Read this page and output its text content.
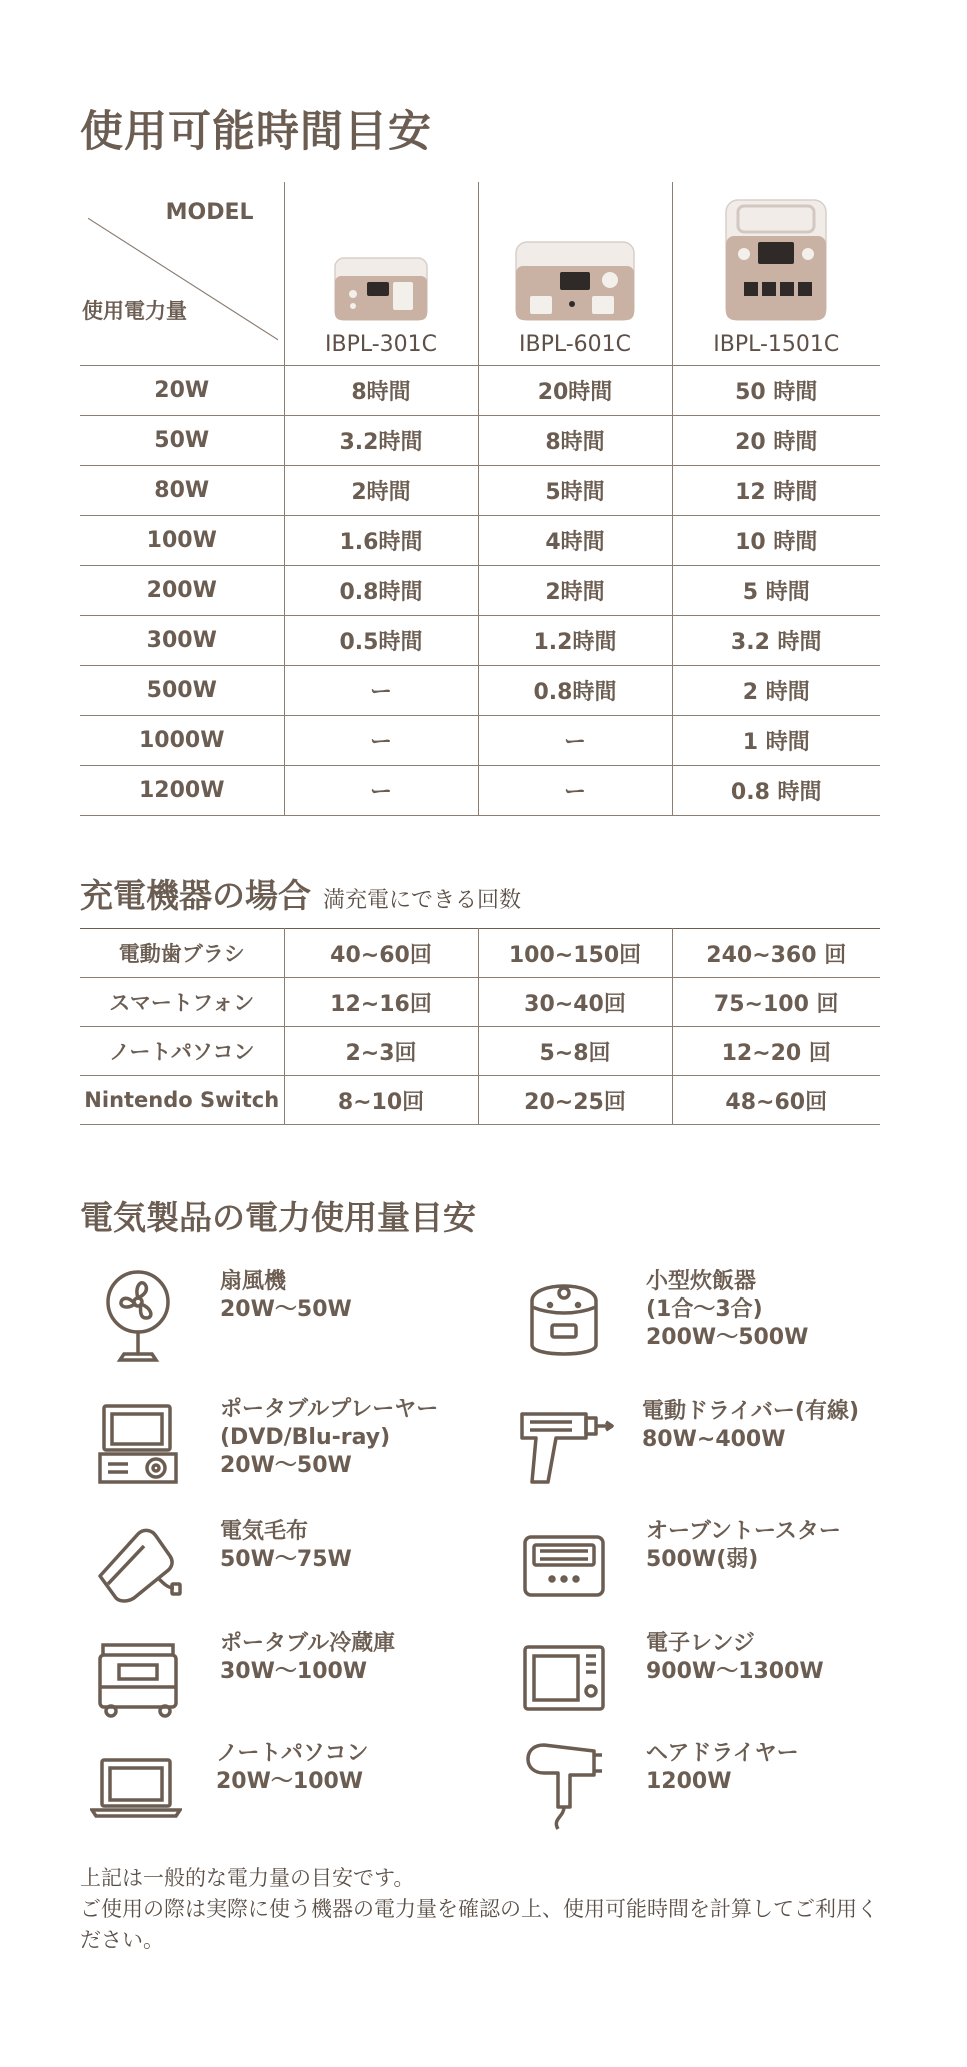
使用可能時間目安
MODEL
使用電力量	IBPL-301C	IBPL-601C	IBPL-1501C

20W	8時間	20時間	50 時間
50W	3.2時間	8時間	20 時間
80W	2時間	5時間	12 時間
100W	1.6時間	4時間	10 時間
200W	0.8時間	2時間	5 時間
300W	0.5時間	1.2時間	3.2 時間
500W	ー	0.8時間	2 時間
1000W	ー	ー	1 時間
1200W	ー	ー	0.8 時間
充電機器の場合 満充電にできる回数
電動歯ブラシ	40~60回	100~150回	240~360 回
スマートフォン	12~16回	30~40回	75~100 回
ノートパソコン	2~3回	5~8回	12~20 回
Nintendo Switch	8~10回	20~25回	48~60回
電気製品の電力使用量目安
扇風機
20W～50W
小型炊飯器
(1合～3合)
200W～500W
ポータブルプレーヤー
(DVD/Blu-ray)
20W～50W
電動ドライバー(有線)
80W~400W
電気毛布
50W～75W
オーブントースター
500W(弱)
ポータブル冷蔵庫
30W～100W
電子レンジ
900W～1300W
ノートパソコン
20W～100W
ヘアドライヤー
1200W
上記は一般的な電力量の目安です。
ご使用の際は実際に使う機器の電力量を確認の上、使用可能時間を計算してご利用ください。
